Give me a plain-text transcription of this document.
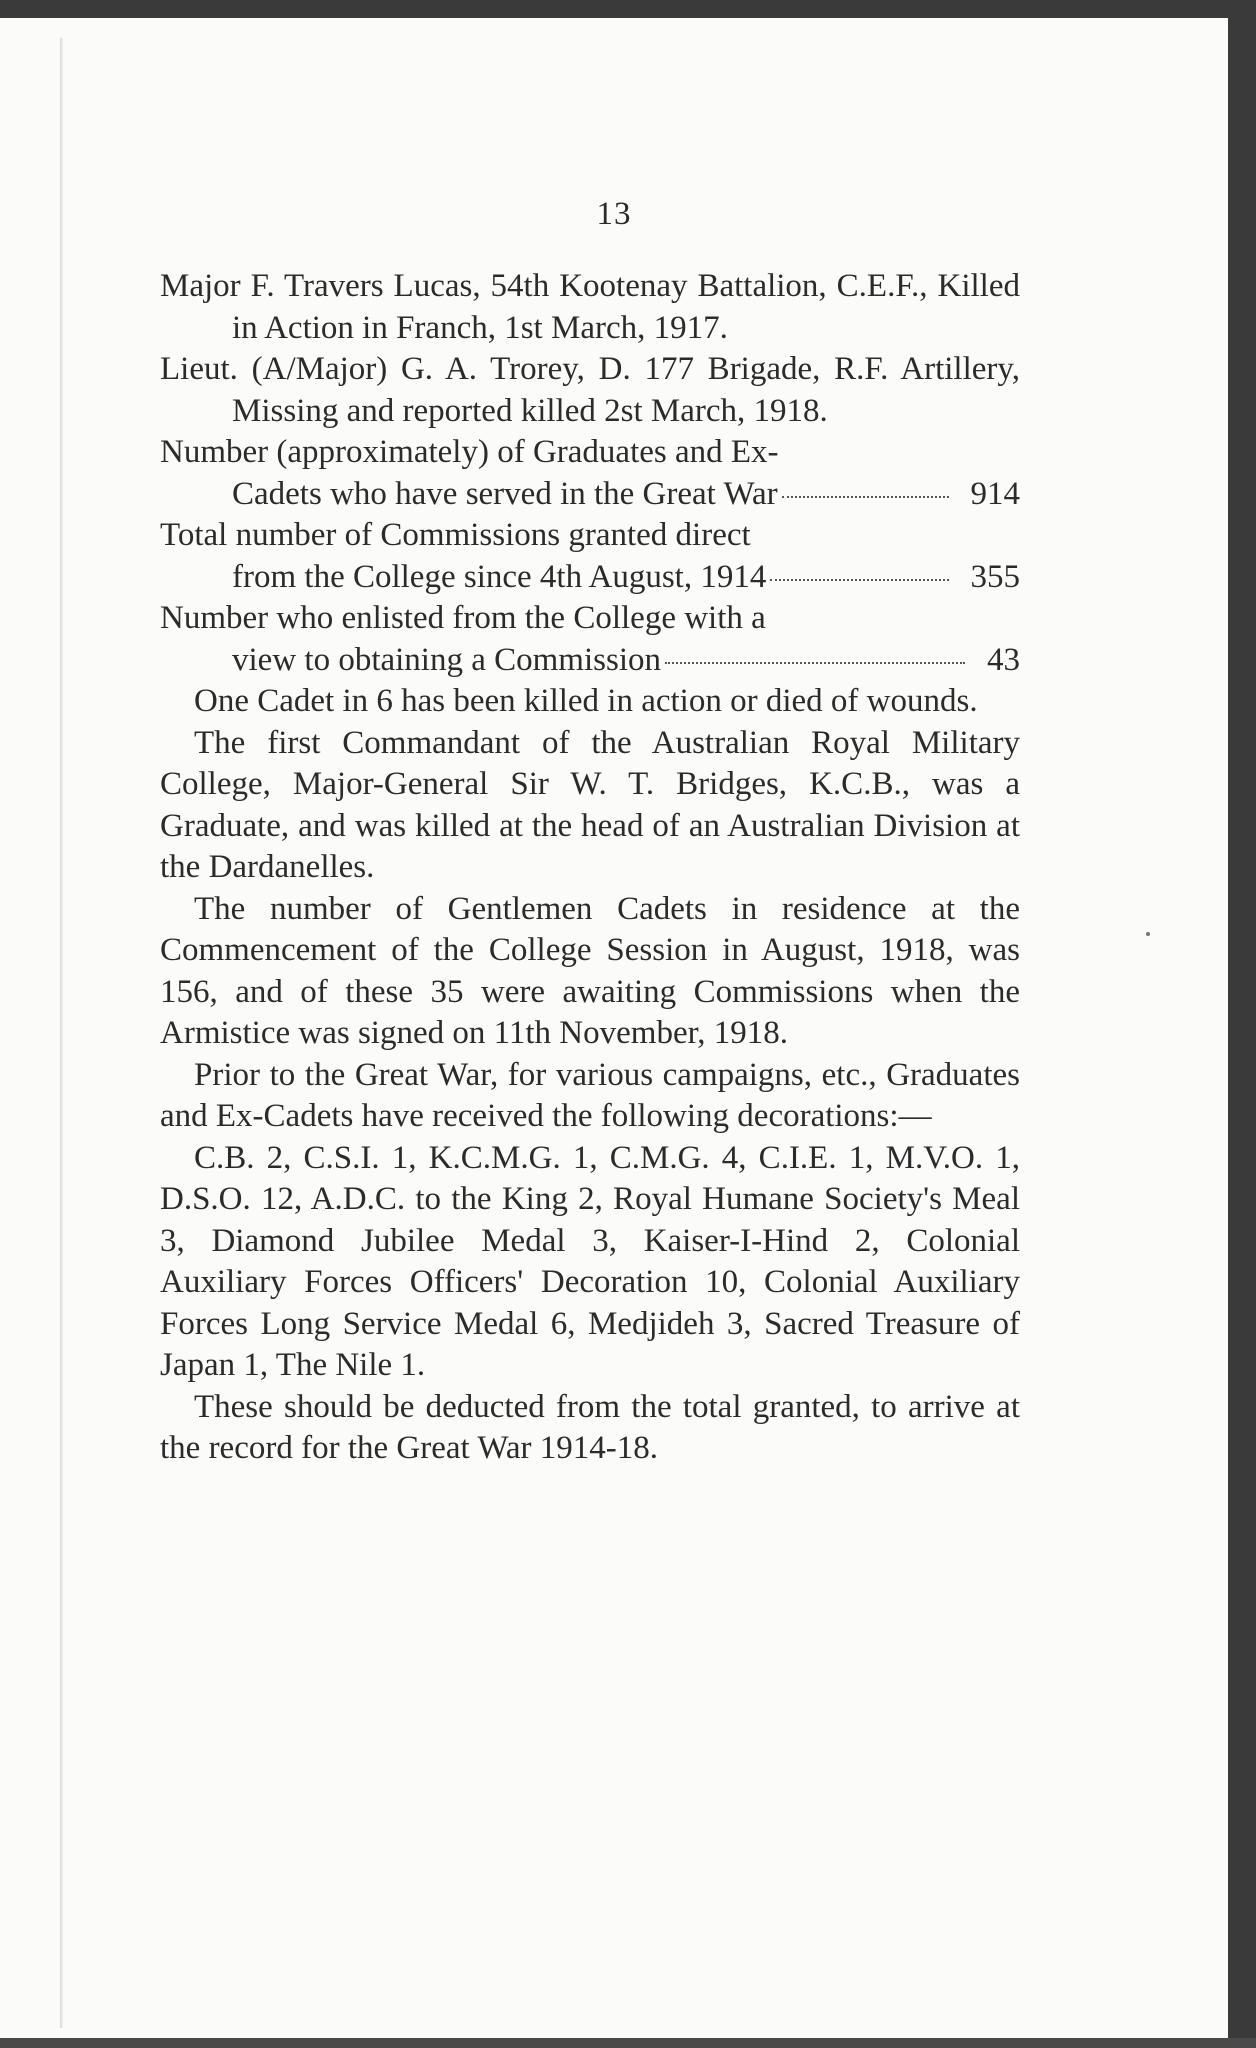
13

Major F. Travers Lucas, 54th Kootenay Battalion, C.E.F., Killed in Action in Franch, 1st March, 1917.

Lieut. (A/Major) G. A. Trorey, D. 177 Brigade, R.F. Artillery, Missing and reported killed 2st March, 1918.

Number (approximately) of Graduates and Ex-

Cadets who have served in the Great War	914

Total number of Commissions granted direct

from the College since 4th August, 1914	355

Number who enlisted from the College with a

view to obtaining a Commission	43

One Cadet in 6 has been killed in action or died of wounds.

The first Commandant of the Australian Royal Military College, Major-General Sir W. T. Bridges, K.C.B., was a Graduate, and was killed at the head of an Australian Division at the Dardanelles.

The number of Gentlemen Cadets in residence at the Commencement of the College Session in August, 1918, was 156, and of these 35 were awaiting Commissions when the Armistice was signed on 11th November, 1918.

Prior to the Great War, for various campaigns, etc., Graduates and Ex-Cadets have received the following decorations:—

C.B. 2, C.S.I. 1, K.C.M.G. 1, C.M.G. 4, C.I.E. 1, M.V.O. 1, D.S.O. 12, A.D.C. to the King 2, Royal Humane Society's Meal 3, Diamond Jubilee Medal 3, Kaiser-I-Hind 2, Colonial Auxiliary Forces Officers' Decoration 10, Colonial Auxiliary Forces Long Service Medal 6, Medjideh 3, Sacred Treasure of Japan 1, The Nile 1.

These should be deducted from the total granted, to arrive at the record for the Great War 1914-18.
